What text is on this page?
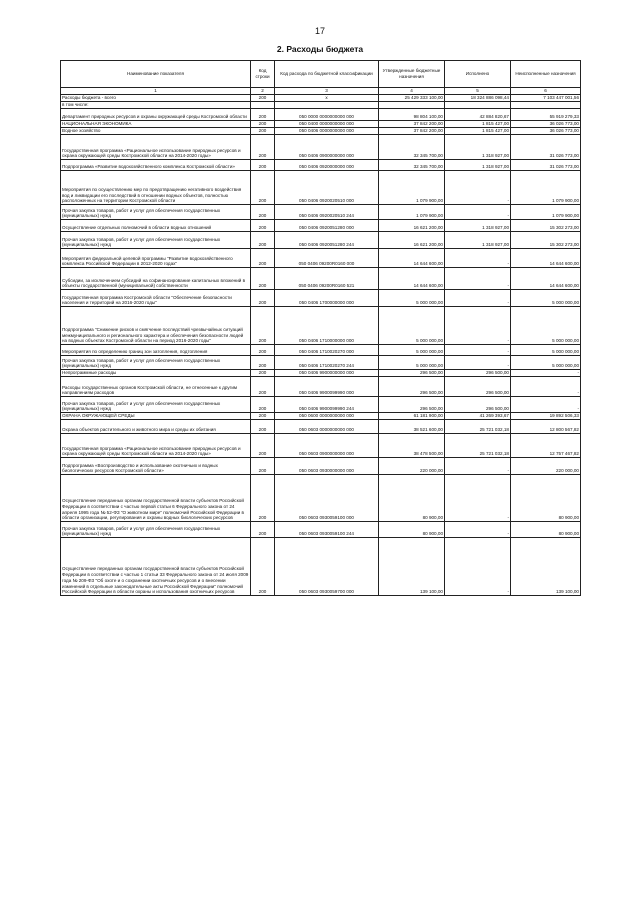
17
2. Расходы бюджета
Наименование показателя	Код строки	Код расхода по бюджетной классификации	Утвержденные бюджетные назначения	Исполнено	Неисполненные назначения
1	2	3	4	5	6
Расходы бюджета - всего	200	x	25 429 333 100,00	18 324 886 098,44	7 103 447 001,56
в том числе:					
Департамент природных ресурсов и охраны окружающей среды Костромской области	200	050 0000 0000000000 000	98 804 100,00	42 884 820,67	55 919 279,33
НАЦИОНАЛЬНАЯ ЭКОНОМИКА	200	050 0400 0000000000 000	37 842 200,00	1 815 427,00	36 026 773,00
Водное хозяйство	200	050 0406 0000000000 000	37 842 200,00	1 815 427,00	36 026 773,00
Государственная программа «Рациональное использование природных ресурсов и охрана окружающей среды Костромской области на 2014-2020 годы»	200	050 0406 0900000000 000	32 345 700,00	1 318 927,00	31 026 773,00
Подпрограмма «Развитие водохозяйственного комплекса Костромской области»	200	050 0406 0920000000 000	32 345 700,00	1 318 927,00	31 026 773,00
Мероприятия по осуществлению мер по предотвращению негативного воздействия вод и ликвидации его последствий в отношении водных объектов, полностью расположенных на территории Костромской области	200	050 0406 0920020510 000	1 079 900,00	-	1 079 900,00
Прочая закупка товаров, работ и услуг для обеспечения государственных (муниципальных) нужд	200	050 0406 0920020510 244	1 079 900,00	-	1 079 900,00
Осуществление отдельных полномочий в области водных отношений	200	050 0406 0920051280 000	16 621 200,00	1 318 927,00	15 302 273,00
Прочая закупка товаров, работ и услуг для обеспечения государственных (муниципальных) нужд	200	050 0406 0920051280 244	16 621 200,00	1 318 927,00	15 302 273,00
Мероприятия федеральной целевой программы "Развитие водохозяйственного комплекса Российской Федерации в 2012-2020 годах"	200	050 0406 09200R0160 000	14 644 600,00	-	14 644 600,00
Субсидии, за исключением субсидий на софинансирование капитальных вложений в объекты государственной (муниципальной) собственности	200	050 0406 09200R0160 521	14 644 600,00	-	14 644 600,00
Государственная программа Костромской области "Обеспечение безопасности населения и территорий на 2016-2020 годы"	200	050 0406 1700000000 000	5 000 000,00	-	5 000 000,00
Подпрограмма "Снижение рисков и смягчение последствий чрезвычайных ситуаций межмуниципального и регионального характера и обеспечения безопасности людей на водных объектах Костромской области на период 2016-2020 годы"	200	050 0406 1710000000 000	5 000 000,00	-	5 000 000,00
Мероприятия по определению границ зон затопления, подтопления	200	050 0406 1710020270 000	5 000 000,00	-	5 000 000,00
Прочая закупка товаров, работ и услуг для обеспечения государственных (муниципальных) нужд	200	050 0406 1710020270 244	5 000 000,00	-	5 000 000,00
Непрограммные расходы	200	050 0406 9900000000 000	296 500,00	296 500,00	-
Расходы государственных органов Костромской области, не отнесенные к другим направлениям расходов	200	050 0406 9900099990 000	296 500,00	296 500,00	-
Прочая закупка товаров, работ и услуг для обеспечения государственных (муниципальных) нужд	200	050 0406 9900099990 244	296 500,00	296 500,00	-
ОХРАНА ОКРУЖАЮЩЕЙ СРЕДЫ	200	050 0600 0000000000 000	61 181 900,00	41 269 393,67	19 892 506,33
Охрана объектов растительного и животного мира и среды их обитания	200	050 0603 0000000000 000	38 521 600,00	25 721 032,18	12 800 567,82
Государственная программа «Рациональное использование природных ресурсов и охрана окружающей среды Костромской области на 2014-2020 годы»	200	050 0603 0900000000 000	38 478 500,00	25 721 032,18	12 757 467,82
Подпрограмма «Воспроизводство и использование охотничьих и водных биологических ресурсов Костромской области»	200	050 0603 0930000000 000	220 000,00	-	220 000,00
Осуществление переданных органам государственной власти субъектов Российской Федерации в соответствии с частью первой статьи 6 Федерального закона от 24 апреля 1995 года № 52-ФЗ "О животном мире" полномочий Российской Федерации в области организации, регулирования и охраны водных биологических ресурсов	200	050 0603 0930059100 000	80 900,00	-	80 900,00
Прочая закупка товаров, работ и услуг для обеспечения государственных (муниципальных) нужд	200	050 0603 0930059100 244	80 900,00	-	80 900,00
Осуществление переданных органам государственной власти субъектов Российской Федерации в соответствии с частью 1 статьи 33 Федерального закона от 24 июля 2009 года № 209-ФЗ "Об охоте и о сохранении охотничьих ресурсов и о внесении изменений в отдельные законодательные акты Российской Федерации" полномочий Российской Федерации в области охраны и использования охотничьих ресурсов	200	050 0603 0930059700 000	139 100,00	-	139 100,00
